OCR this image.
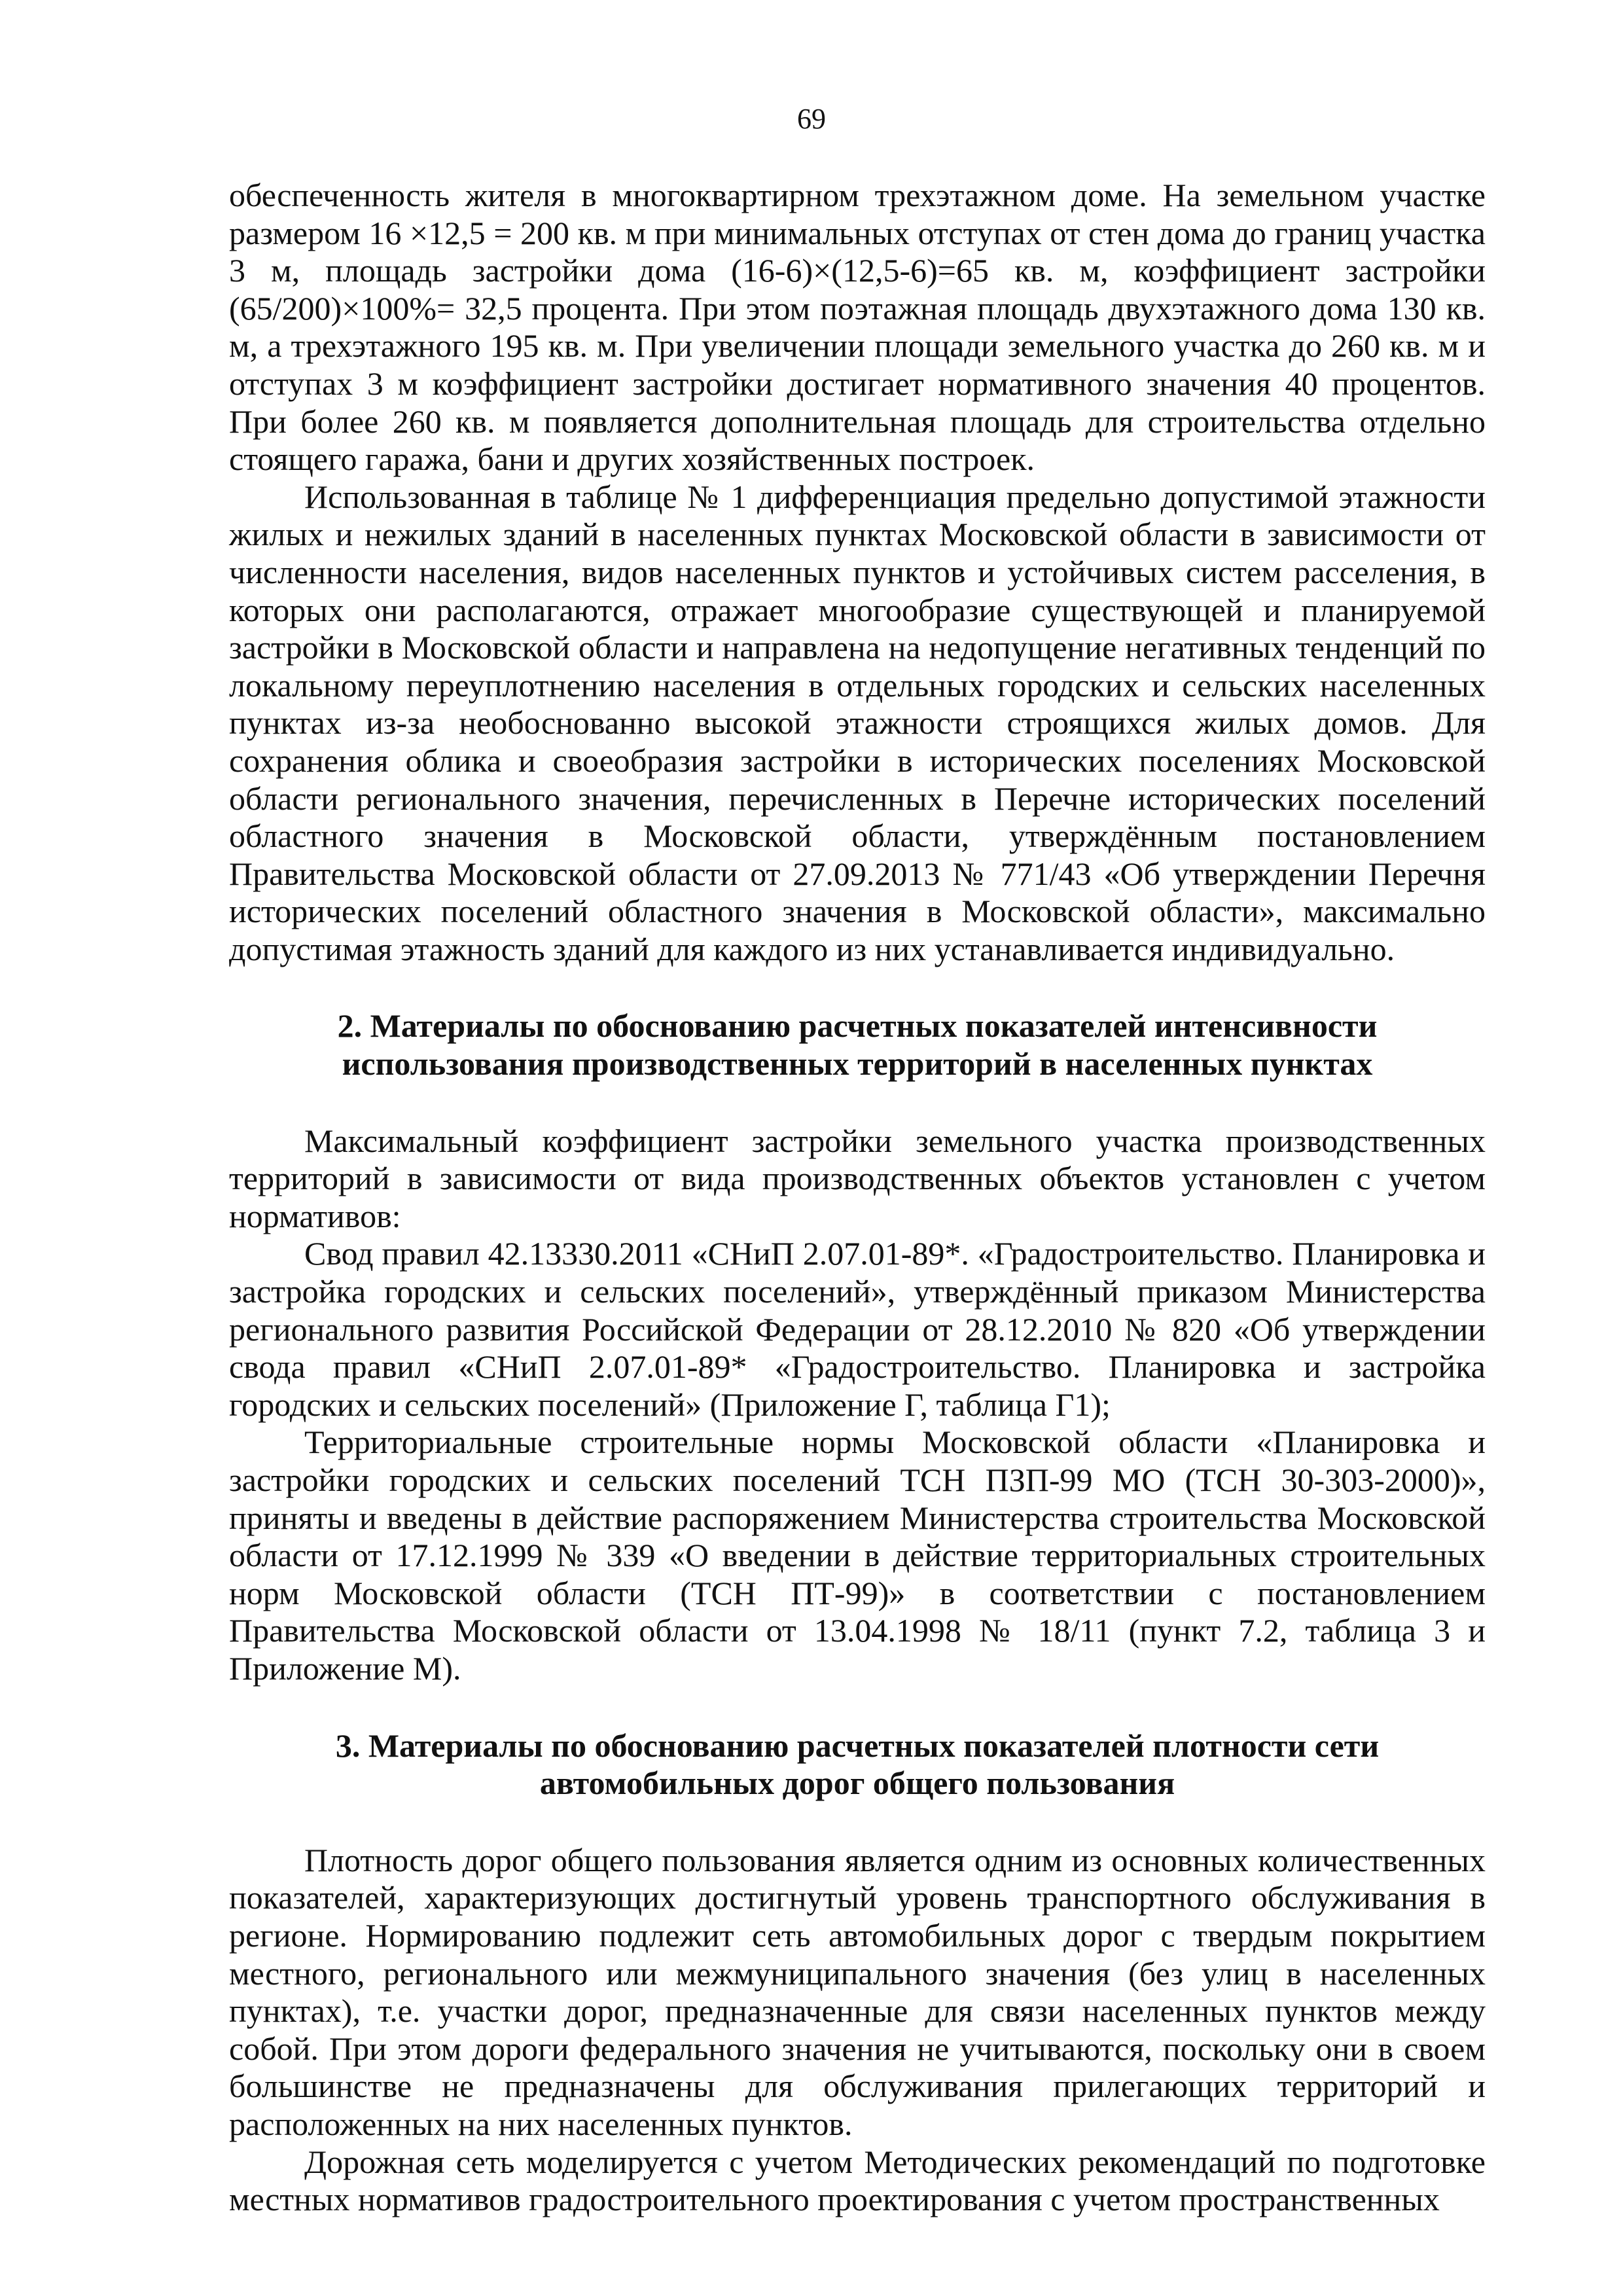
69

обеспеченность жителя в многоквартирном трехэтажном доме. На земельном участке размером 16 ×12,5 = 200 кв. м при минимальных отступах от стен дома до границ участка 3 м, площадь застройки дома (16-6)×(12,5-6)=65 кв. м, коэффициент застройки (65/200)×100%= 32,5 процента. При этом поэтажная площадь двухэтажного дома 130 кв. м, а трехэтажного 195 кв. м. При увеличении площади земельного участка до 260 кв. м и отступах 3 м коэффициент застройки достигает нормативного значения 40 процентов. При более 260 кв. м появляется дополнительная площадь для строительства отдельно стоящего гаража, бани и других хозяйственных построек.

Использованная в таблице № 1 дифференциация предельно допустимой этажности жилых и нежилых зданий в населенных пунктах Московской области в зависимости от численности населения, видов населенных пунктов и устойчивых систем расселения, в которых они располагаются, отражает многообразие существующей и планируемой застройки в Московской области и направлена на недопущение негативных тенденций по локальному переуплотнению населения в отдельных городских и сельских населенных пунктах из-за необоснованно высокой этажности строящихся жилых домов. Для сохранения облика и своеобразия застройки в исторических поселениях Московской области регионального значения, перечисленных в Перечне исторических поселений областного значения в Московской области, утверждённым постановлением Правительства Московской области от 27.09.2013 № 771/43 «Об утверждении Перечня исторических поселений областного значения в Московской области», максимально допустимая этажность зданий для каждого из них устанавливается индивидуально.

2. Материалы по обоснованию расчетных показателей интенсивности
использования производственных территорий в населенных пунктах

Максимальный коэффициент застройки земельного участка производственных территорий в зависимости от вида производственных объектов установлен с учетом нормативов:

Свод правил 42.13330.2011 «СНиП 2.07.01-89*. «Градостроительство. Планировка и застройка городских и сельских поселений», утверждённый приказом Министерства регионального развития Российской Федерации от 28.12.2010 № 820 «Об утверждении свода правил «СНиП 2.07.01-89* «Градостроительство. Планировка и застройка городских и сельских поселений» (Приложение Г, таблица Г1);

Территориальные строительные нормы Московской области «Планировка и застройки городских и сельских поселений ТСН ПЗП-99 МО (ТСН 30-303-2000)», приняты и введены в действие распоряжением Министерства строительства Московской области от 17.12.1999 № 339 «О введении в действие территориальных строительных норм Московской области (ТСН ПТ-99)» в соответствии с постановлением Правительства Московской области от 13.04.1998 № 18/11 (пункт 7.2, таблица 3 и Приложение М).

3. Материалы по обоснованию расчетных показателей плотности сети
автомобильных дорог общего пользования

Плотность дорог общего пользования является одним из основных количественных показателей, характеризующих достигнутый уровень транспортного обслуживания в регионе. Нормированию подлежит сеть автомобильных дорог с твердым покрытием местного, регионального или межмуниципального значения (без улиц в населенных пунктах), т.е. участки дорог, предназначенные для связи населенных пунктов между собой. При этом дороги федерального значения не учитываются, поскольку они в своем большинстве не предназначены для обслуживания прилегающих территорий и расположенных на них населенных пунктов.

Дорожная сеть моделируется с учетом Методических рекомендаций по подготовке местных нормативов градостроительного проектирования с учетом пространственных
